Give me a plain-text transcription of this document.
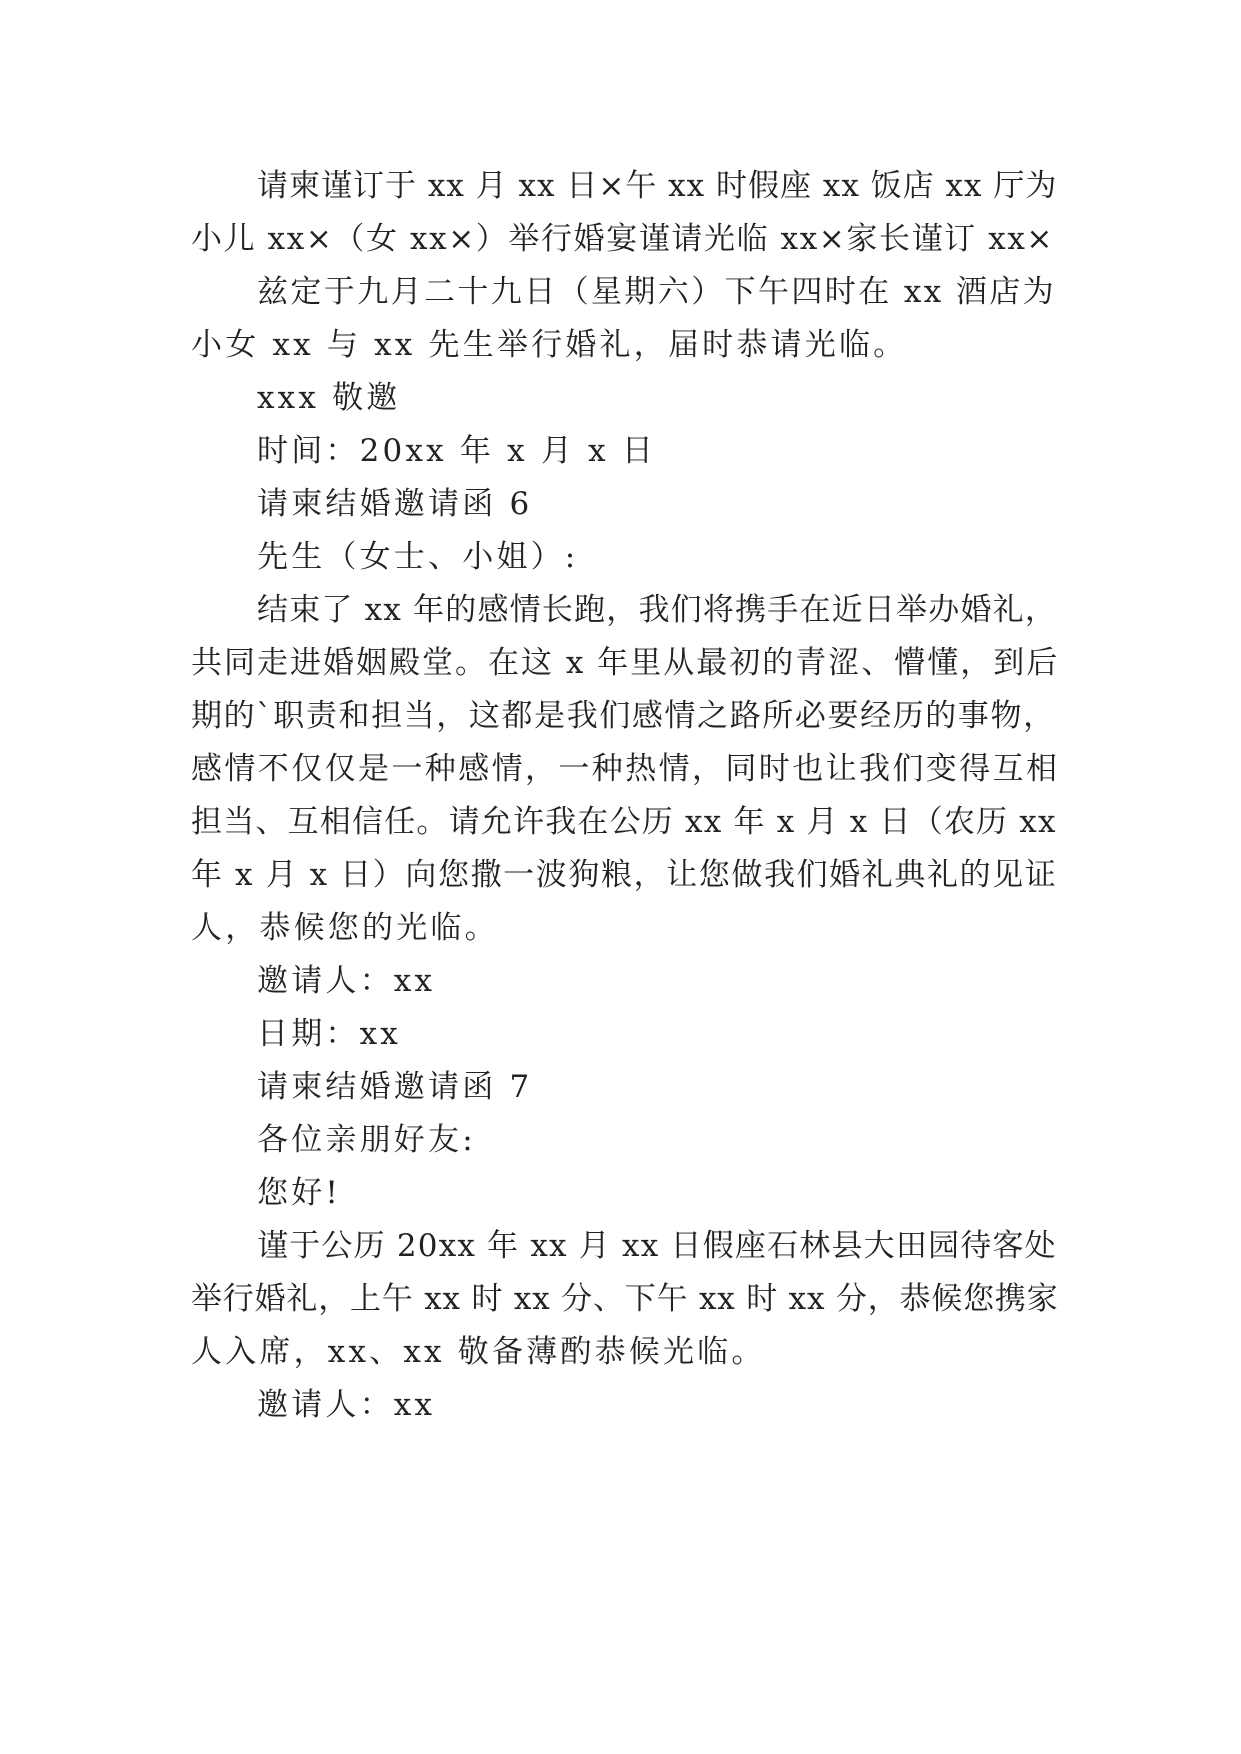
请柬谨订于 xx 月 xx 日×午 xx 时假座 xx 饭店 xx 厅为
小儿 xx×（女 xx×）举行婚宴谨请光临 xx×家长谨订 xx×
兹定于九月二十九日（星期六）下午四时在 xx 酒店为
小女 xx 与 xx 先生举行婚礼，届时恭请光临。
xxx 敬邀
时间：20xx 年 x 月 x 日
请柬结婚邀请函 6
先生（女士、小姐）:
结束了 xx 年的感情长跑，我们将携手在近日举办婚礼，
共同走进婚姻殿堂。在这 x 年里从最初的青涩、懵懂，到后
期的`职责和担当，这都是我们感情之路所必要经历的事物，
感情不仅仅是一种感情，一种热情，同时也让我们变得互相
担当、互相信任。请允许我在公历 xx 年 x 月 x 日（农历 xx
年 x 月 x 日）向您撒一波狗粮，让您做我们婚礼典礼的见证
人，恭候您的光临。
邀请人：xx
日期：xx
请柬结婚邀请函 7
各位亲朋好友:
您好!
谨于公历 20xx 年 xx 月 xx 日假座石林县大田园待客处
举行婚礼，上午 xx 时 xx 分、下午 xx 时 xx 分，恭候您携家
人入席，xx、xx 敬备薄酌恭候光临。
邀请人：xx
